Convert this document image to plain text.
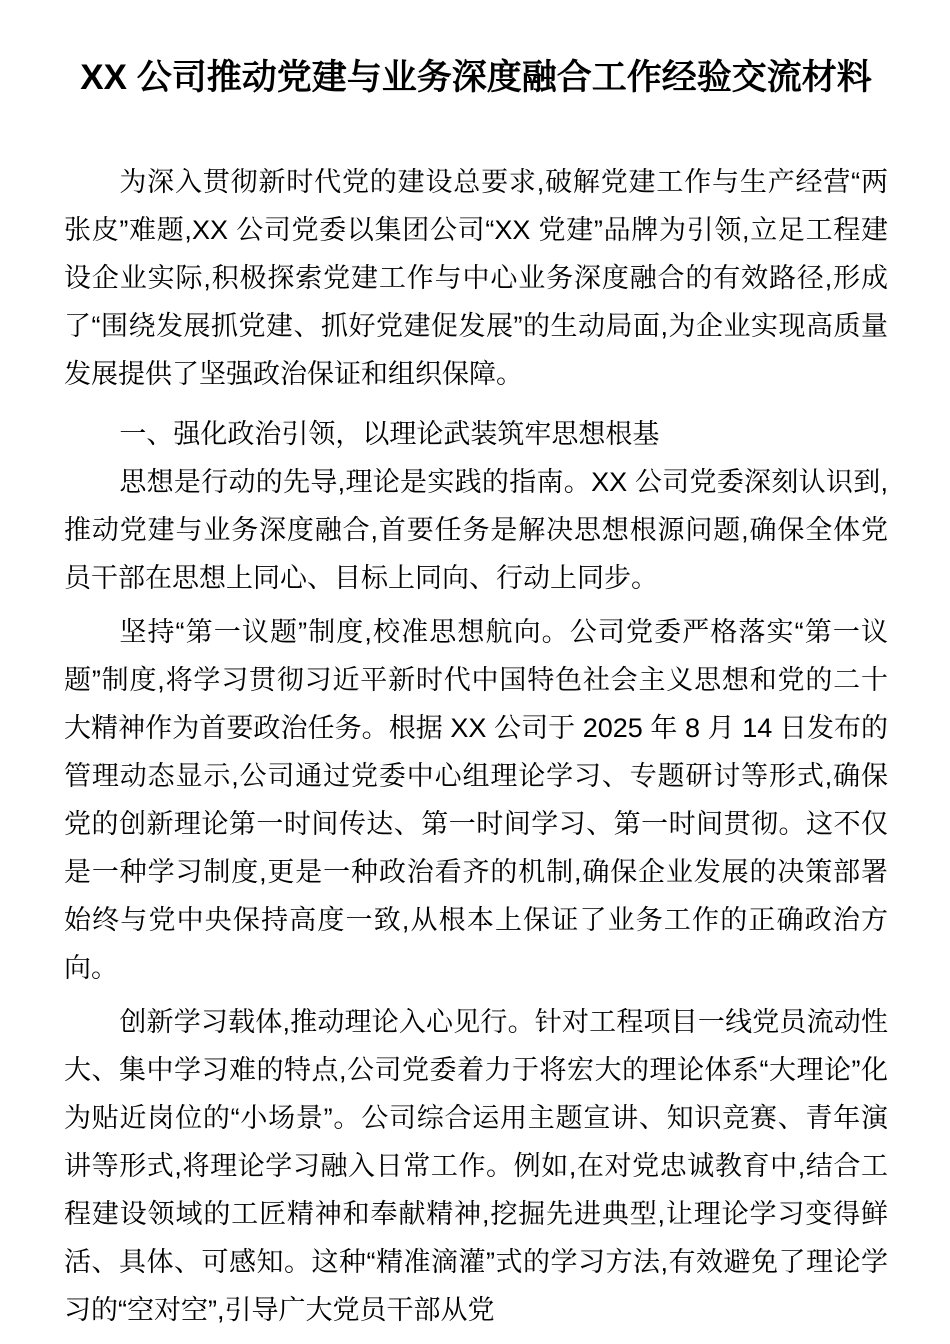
XX 公司推动党建与业务深度融合工作经验交流材料

为深入贯彻新时代党的建设总要求,破解党建工作与生产经营“两张皮”难题,XX 公司党委以集团公司“XX 党建”品牌为引领,立足工程建设企业实际,积极探索党建工作与中心业务深度融合的有效路径,形成了“围绕发展抓党建、抓好党建促发展”的生动局面,为企业实现高质量发展提供了坚强政治保证和组织保障。

一、强化政治引领，以理论武装筑牢思想根基

思想是行动的先导,理论是实践的指南。XX 公司党委深刻认识到,推动党建与业务深度融合,首要任务是解决思想根源问题,确保全体党员干部在思想上同心、目标上同向、行动上同步。

坚持“第一议题”制度,校准思想航向。公司党委严格落实“第一议题”制度,将学习贯彻习近平新时代中国特色社会主义思想和党的二十大精神作为首要政治任务。根据 XX 公司于 2025 年 8 月 14 日发布的管理动态显示,公司通过党委中心组理论学习、专题研讨等形式,确保党的创新理论第一时间传达、第一时间学习、第一时间贯彻。这不仅是一种学习制度,更是一种政治看齐的机制,确保企业发展的决策部署始终与党中央保持高度一致,从根本上保证了业务工作的正确政治方向。

创新学习载体,推动理论入心见行。针对工程项目一线党员流动性大、集中学习难的特点,公司党委着力于将宏大的理论体系“大理论”化为贴近岗位的“小场景”。公司综合运用主题宣讲、知识竞赛、青年演讲等形式,将理论学习融入日常工作。例如,在对党忠诚教育中,结合工程建设领域的工匠精神和奉献精神,挖掘先进典型,让理论学习变得鲜活、具体、可感知。这种“精准滴灌”式的学习方法,有效避免了理论学习的“空对空”,引导广大党员干部从党
